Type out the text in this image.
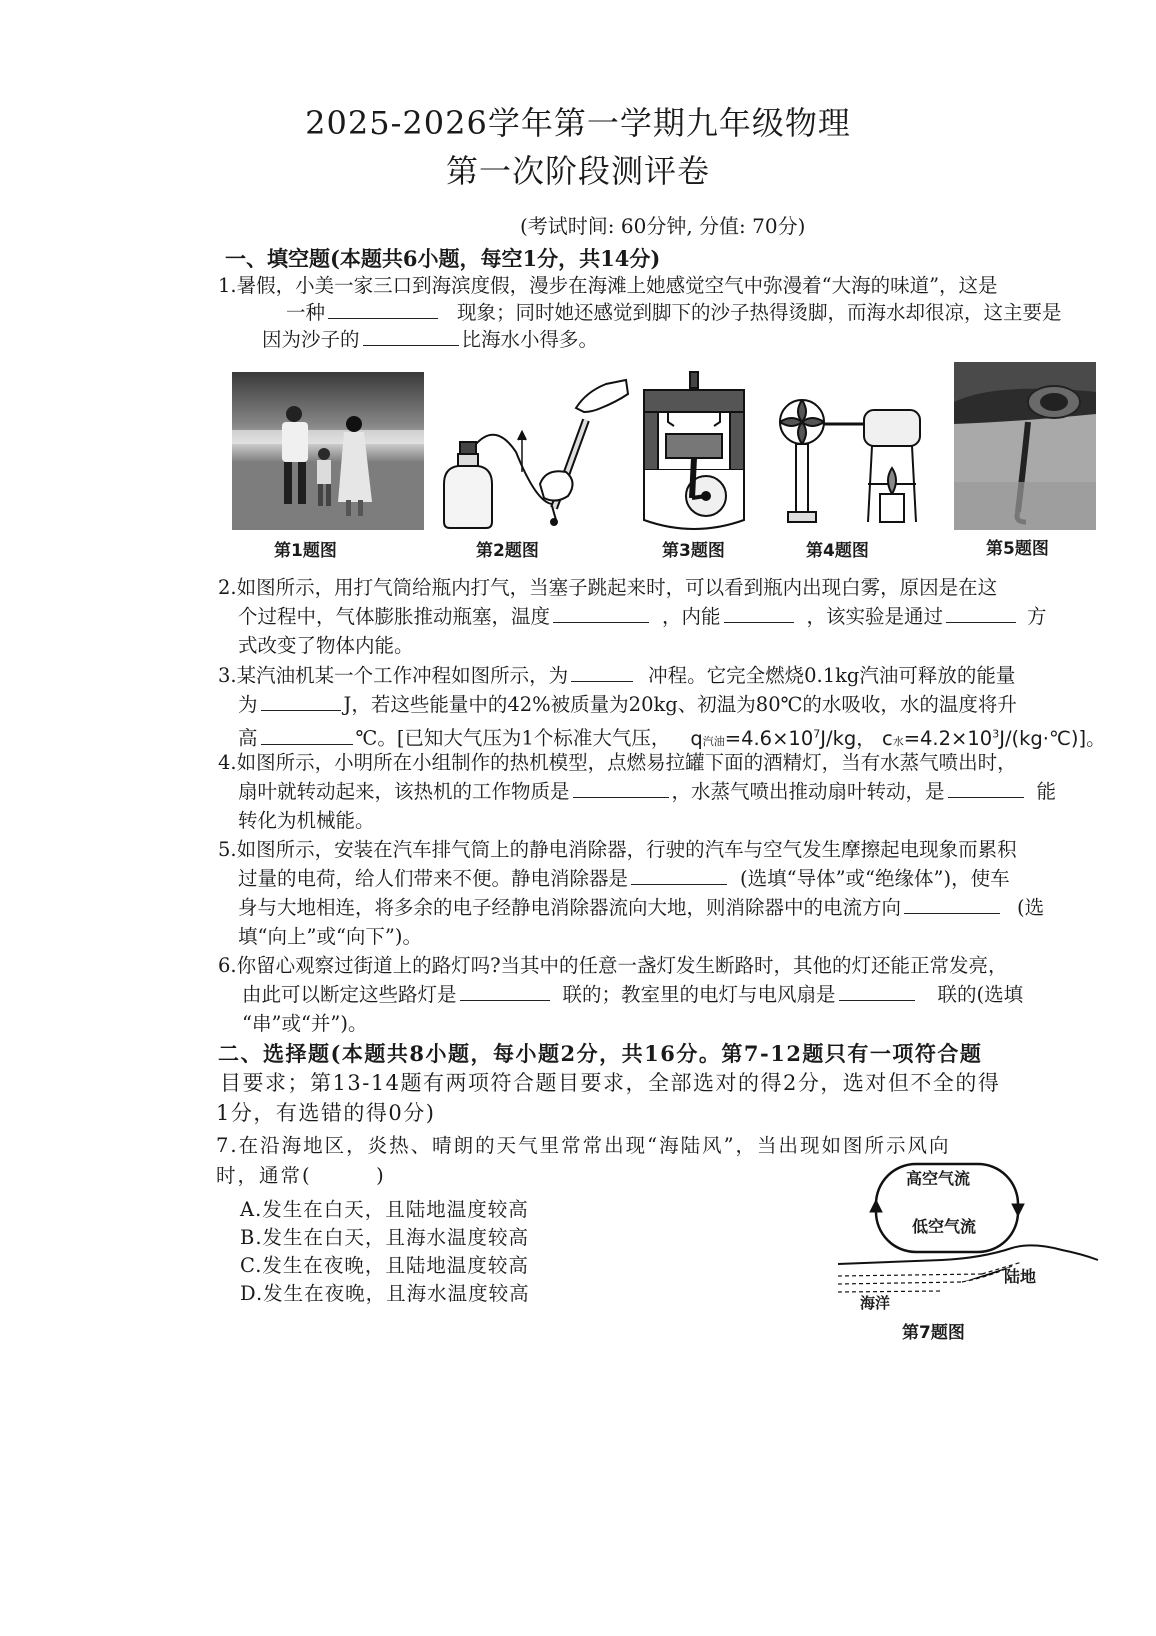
2025-2026学年第一学期九年级物理
第一次阶段测评卷
(考试时间: 60分钟, 分值: 70分)
一、填空题(本题共6小题，每空1分，共14分)
1.暑假，小美一家三口到海滨度假，漫步在海滩上她感觉空气中弥漫着“大海的味道”，这是
一种	现象；同时她还感觉到脚下的沙子热得烫脚，而海水却很凉，这主要是
因为沙子的	比海水小得多。
第1题图	第2题图	第3题图	第4题图	第5题图
2.如图所示，用打气筒给瓶内打气，当塞子跳起来时，可以看到瓶内出现白雾，原因是在这
个过程中，气体膨胀推动瓶塞，温度	，内能	，该实验是通过	方
式改变了物体内能。
3.某汽油机某一个工作冲程如图所示，为	冲程。它完全燃烧0.1kg汽油可释放的能量
为	J，若这些能量中的42%被质量为20kg、初温为80℃的水吸收，水的温度将升
高	℃。[已知大气压为1个标准大气压， q汽油$=4.6\times 10^7J/kg$， c水$=4.2\times 10^3J/(kg\cdot℃)$]。
4.如图所示，小明所在小组制作的热机模型，点燃易拉罐下面的酒精灯，当有水蒸气喷出时，
扇叶就转动起来，该热机的工作物质是	，水蒸气喷出推动扇叶转动，是	能
转化为机械能。
5.如图所示，安装在汽车排气筒上的静电消除器，行驶的汽车与空气发生摩擦起电现象而累积
过量的电荷，给人们带来不便。静电消除器是	(选填“导体”或“绝缘体”)，使车
身与大地相连，将多余的电子经静电消除器流向大地，则消除器中的电流方向	(选
填“向上”或“向下”)。
6.你留心观察过街道上的路灯吗?当其中的任意一盏灯发生断路时，其他的灯还能正常发亮，
由此可以断定这些路灯是	联的；教室里的电灯与电风扇是	联的(选填
“串”或“并”)。
二、选择题(本题共8小题，每小题2分，共16分。第7-12题只有一项符合题
目要求；第13-14题有两项符合题目要求，全部选对的得2分，选对但不全的得
1分，有选错的得0分)
7.在沿海地区，炎热、晴朗的天气里常常出现“海陆风”，当出现如图所示风向
时，通常(　　　)
A.发生在白天，且陆地温度较高
B.发生在白天，且海水温度较高
C.发生在夜晚，且陆地温度较高
D.发生在夜晚，且海水温度较高
高空气流
低空气流
陆地
海洋
第7题图
